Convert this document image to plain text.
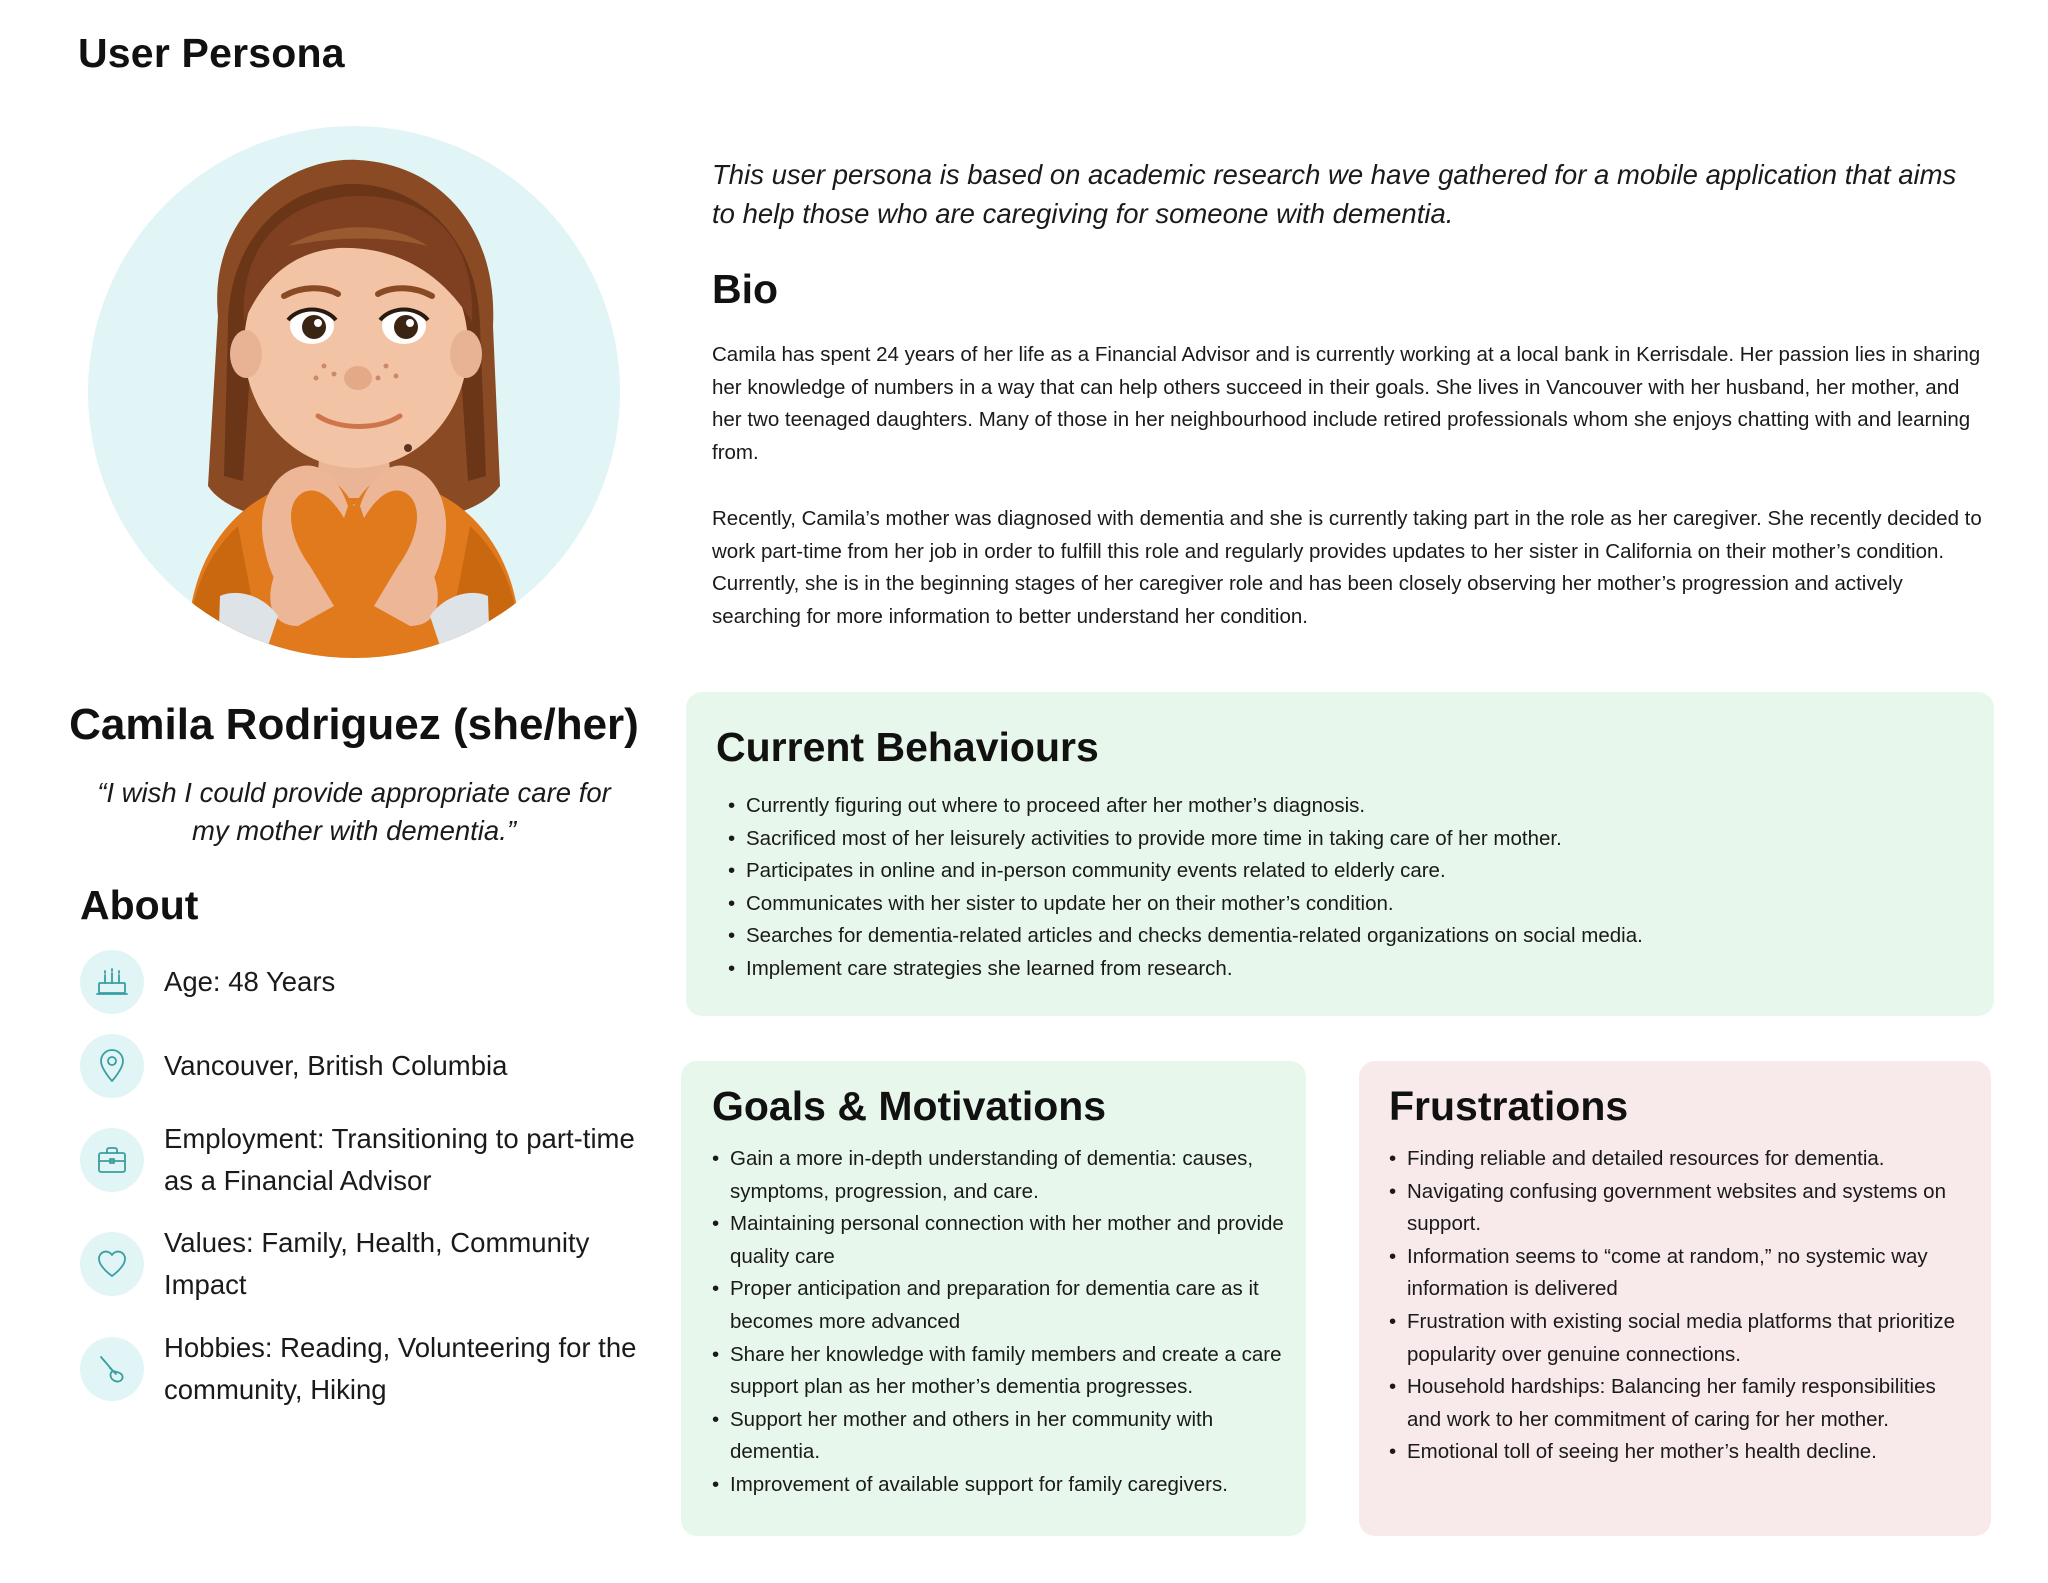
User Persona

This user persona is based on academic research we have gathered for a mobile application that aims to help those who are caregiving for someone with dementia.

Bio

Camila has spent 24 years of her life as a Financial Advisor and is currently working at a local bank in Kerrisdale. Her passion lies in sharing her knowledge of numbers in a way that can help others succeed in their goals. She lives in Vancouver with her husband, her mother, and her two teenaged daughters. Many of those in her neighbourhood include retired professionals whom she enjoys chatting with and learning from.

Recently, Camila’s mother was diagnosed with dementia and she is currently taking part in the role as her caregiver. She recently decided to work part-time from her job in order to fulfill this role and regularly provides updates to her sister in California on their mother’s condition. Currently, she is in the beginning stages of her caregiver role and has been closely observing her mother’s progression and actively searching for more information to better understand her condition.

Camila Rodriguez (she/her)

“I wish I could provide appropriate care for my mother with dementia.”

About
Age: 48 Years
Vancouver, British Columbia
Employment: Transitioning to part-time as a Financial Advisor
Values: Family, Health, Community Impact
Hobbies: Reading, Volunteering for the community, Hiking
Current Behaviours
• Currently figuring out where to proceed after her mother’s diagnosis.
• Sacrificed most of her leisurely activities to provide more time in taking care of her mother.
• Participates in online and in-person community events related to elderly care.
• Communicates with her sister to update her on their mother’s condition.
• Searches for dementia-related articles and checks dementia-related organizations on social media.
• Implement care strategies she learned from research.
Goals & Motivations
• Gain a more in-depth understanding of dementia: causes, symptoms, progression, and care.
• Maintaining personal connection with her mother and provide quality care
• Proper anticipation and preparation for dementia care as it becomes more advanced
• Share her knowledge with family members and create a care support plan as her mother’s dementia progresses.
• Support her mother and others in her community with dementia.
• Improvement of available support for family caregivers.
Frustrations
• Finding reliable and detailed resources for dementia.
• Navigating confusing government websites and systems on support.
• Information seems to “come at random,” no systemic way information is delivered
• Frustration with existing social media platforms that prioritize popularity over genuine connections.
• Household hardships: Balancing her family responsibilities and work to her commitment of caring for her mother.
• Emotional toll of seeing her mother’s health decline.
